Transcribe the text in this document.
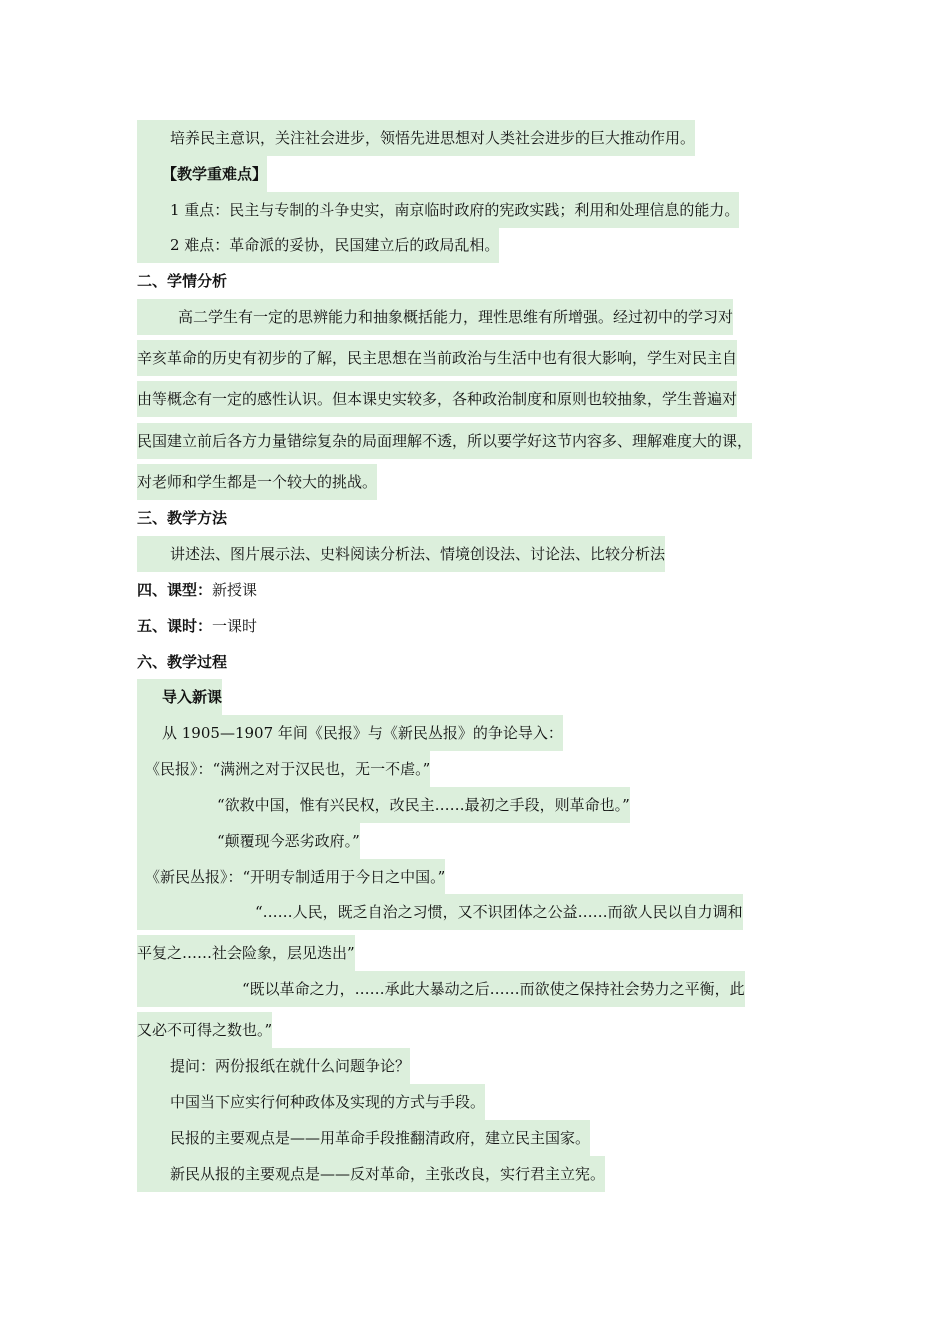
培养民主意识，关注社会进步，领悟先进思想对人类社会进步的巨大推动作用。
【教学重难点】
1 重点：民主与专制的斗争史实，南京临时政府的宪政实践；利用和处理信息的能力。
2 难点：革命派的妥协，民国建立后的政局乱相。
二、学情分析
高二学生有一定的思辨能力和抽象概括能力，理性思维有所增强。经过初中的学习对
辛亥革命的历史有初步的了解，民主思想在当前政治与生活中也有很大影响，学生对民主自
由等概念有一定的感性认识。但本课史实较多，各种政治制度和原则也较抽象，学生普遍对
民国建立前后各方力量错综复杂的局面理解不透，所以要学好这节内容多、理解难度大的课，
对老师和学生都是一个较大的挑战。
三、教学方法
讲述法、图片展示法、史料阅读分析法、情境创设法、讨论法、比较分析法
四、课型：新授课
五、课时：一课时
六、教学过程
导入新课
从 1905—1907 年间《民报》与《新民丛报》的争论导入：
《民报》：“满洲之对于汉民也，无一不虐。”
“欲救中国，惟有兴民权，改民主……最初之手段，则革命也。”
“颠覆现今恶劣政府。”
《新民丛报》：“开明专制适用于今日之中国。”
“……人民，既乏自治之习惯，又不识团体之公益……而欲人民以自力调和
平复之……社会险象，层见迭出”
“既以革命之力，……承此大暴动之后……而欲使之保持社会势力之平衡，此
又必不可得之数也。”
提问：两份报纸在就什么问题争论？
中国当下应实行何种政体及实现的方式与手段。
民报的主要观点是——用革命手段推翻清政府，建立民主国家。
新民从报的主要观点是——反对革命，主张改良，实行君主立宪。
